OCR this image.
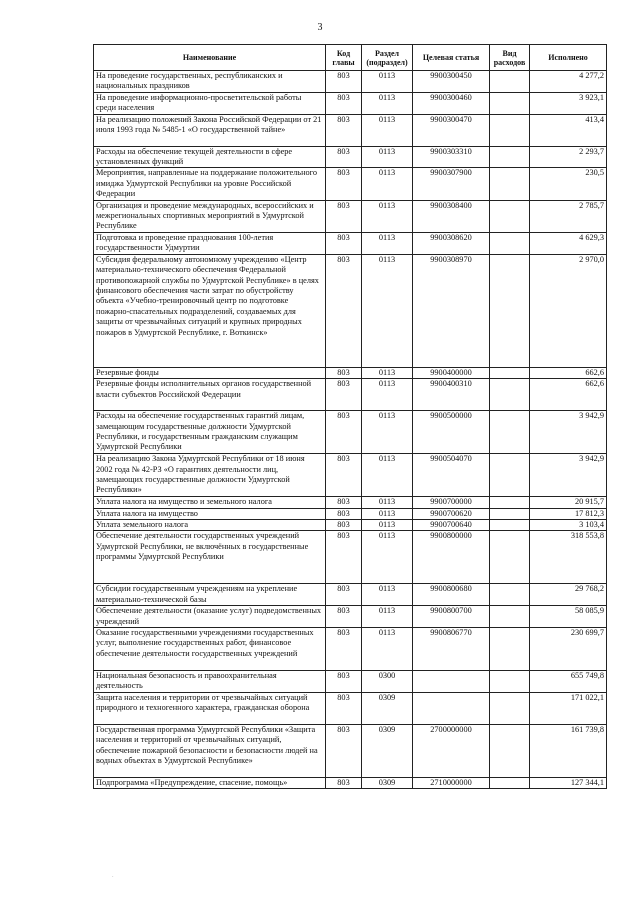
3
Наименование	Код главы	Раздел (подраздел)	Целевая статья	Вид расходов	Исполнено
На проведение государственных, республиканских и национальных праздников	803	0113	9900300450		4 277,2
На проведение информационно-просветительской работы среди населения	803	0113	9900300460		3 923,1
На реализацию положений Закона Российской Федерации от 21 июля 1993 года № 5485-1 «О государственной тайне»	803	0113	9900300470		413,4
Расходы на обеспечение текущей деятельности в сфере установленных функций	803	0113	9900303310		2 293,7
Мероприятия, направленные на поддержание положительного имиджа Удмуртской Республики на уровне Российской Федерации	803	0113	9900307900		230,5
Организация и проведение международных, всероссийских и межрегиональных спортивных мероприятий в Удмуртской Республике	803	0113	9900308400		2 785,7
Подготовка и проведение празднования 100-летия государственности Удмуртии	803	0113	9900308620		4 629,3
Субсидия федеральному автономному учреждению «Центр материально-технического обеспечения Федеральной противопожарной службы по Удмуртской Республике» в целях финансового обеспечения части затрат по обустройству объекта «Учебно-тренировочный центр по подготовке пожарно-спасательных подразделений, создаваемых для защиты от чрезвычайных ситуаций и крупных природных пожаров в Удмуртской Республике, г. Воткинск»	803	0113	9900308970		2 970,0
Резервные фонды	803	0113	9900400000		662,6
Резервные фонды исполнительных органов государственной власти субъектов Российской Федерации	803	0113	9900400310		662,6
Расходы на обеспечение государственных гарантий лицам, замещающим государственные должности Удмуртской Республики, и государственным гражданским служащим Удмуртской Республики	803	0113	9900500000		3 942,9
На реализацию Закона Удмуртской Республики от 18 июня 2002 года № 42-РЗ «О гарантиях деятельности лиц, замещающих государственные должности Удмуртской Республики»	803	0113	9900504070		3 942,9
Уплата налога на имущество и земельного налога	803	0113	9900700000		20 915,7
Уплата налога на имущество	803	0113	9900700620		17 812,3
Уплата земельного налога	803	0113	9900700640		3 103,4
Обеспечение деятельности государственных учреждений Удмуртской Республики, не включённых в государственные программы Удмуртской Республики	803	0113	9900800000		318 553,8
Субсидии государственным учреждениям на укрепление материально-технической базы	803	0113	9900800680		29 768,2
Обеспечение деятельности (оказание услуг) подведомственных учреждений	803	0113	9900800700		58 085,9
Оказание государственными учреждениями государственных услуг, выполнение государственных работ, финансовое обеспечение деятельности государственных учреждений	803	0113	9900806770		230 699,7
Национальная безопасность и правоохранительная деятельность	803	0300			655 749,8
Защита населения и территории от чрезвычайных ситуаций природного и техногенного характера, гражданская оборона	803	0309			171 022,1
Государственная программа Удмуртской Республики «Защита населения и территорий от чрезвычайных ситуаций, обеспечение пожарной безопасности и безопасности людей на водных объектах в Удмуртской Республике»	803	0309	2700000000		161 739,8
Подпрограмма «Предупреждение, спасение, помощь»	803	0309	2710000000		127 344,1
·
